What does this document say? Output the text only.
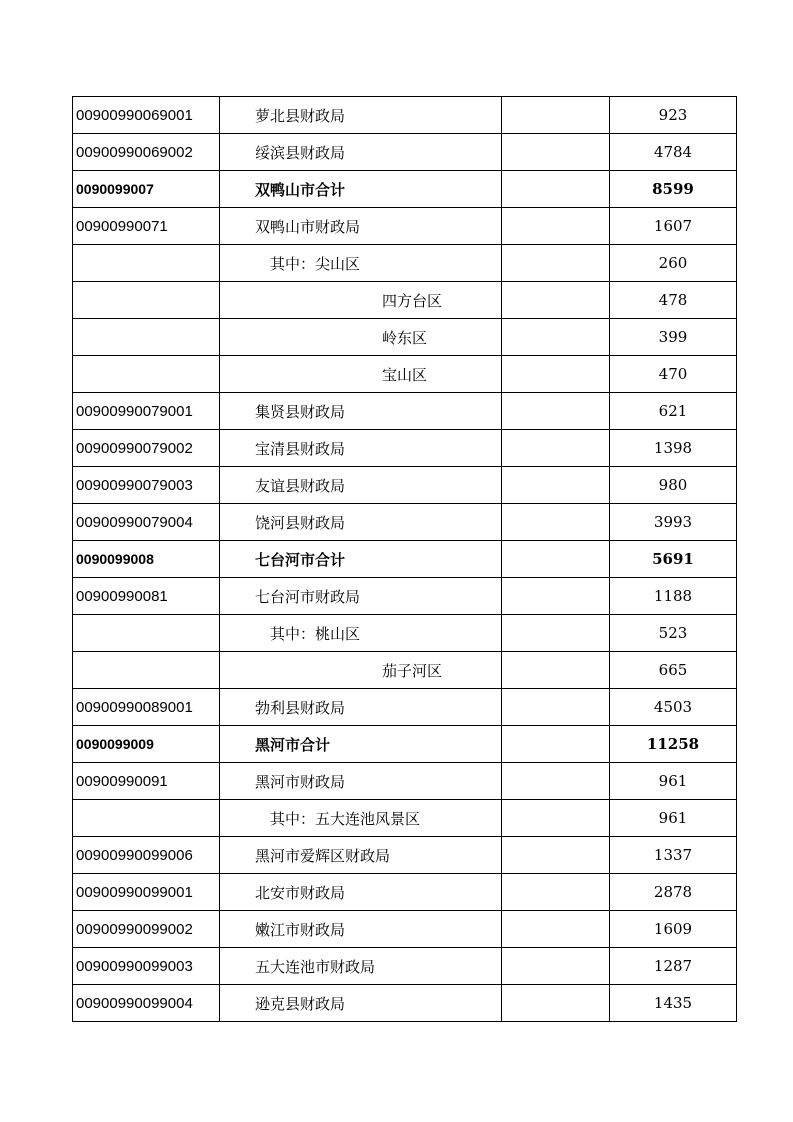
00900990069001	萝北县财政局		923
00900990069002	绥滨县财政局		4784
0090099007	双鸭山市合计		8599
00900990071	双鸭山市财政局		1607
	其中：尖山区		260
	四方台区		478
	岭东区		399
	宝山区		470
00900990079001	集贤县财政局		621
00900990079002	宝清县财政局		1398
00900990079003	友谊县财政局		980
00900990079004	饶河县财政局		3993
0090099008	七台河市合计		5691
00900990081	七台河市财政局		1188
	其中：桃山区		523
	茄子河区		665
00900990089001	勃利县财政局		4503
0090099009	黑河市合计		11258
00900990091	黑河市财政局		961
	其中：五大连池风景区		961
00900990099006	黑河市爱辉区财政局		1337
00900990099001	北安市财政局		2878
00900990099002	嫩江市财政局		1609
00900990099003	五大连池市财政局		1287
00900990099004	逊克县财政局		1435
